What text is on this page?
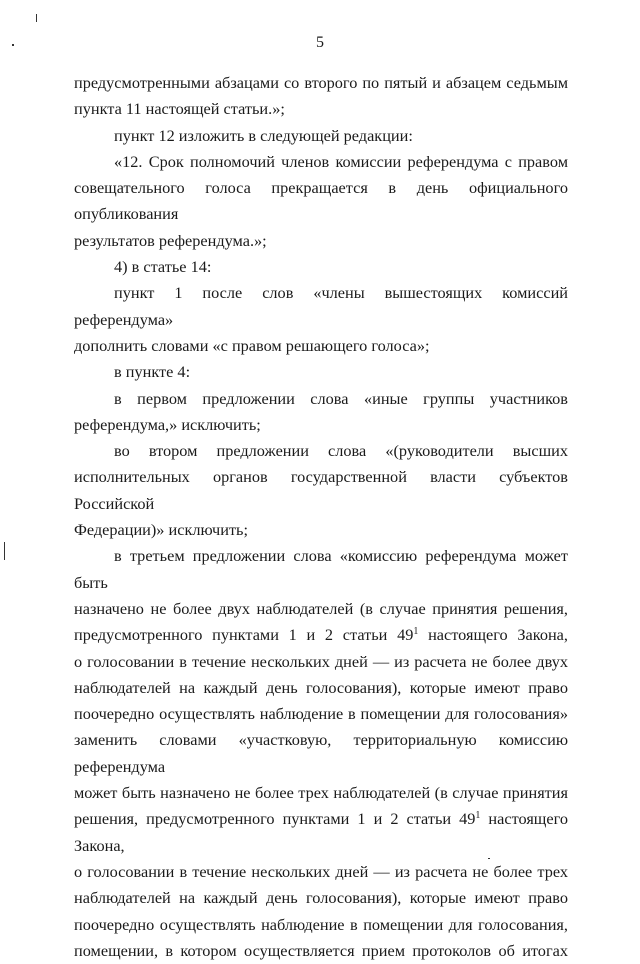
5
предусмотренными абзацами со второго по пятый и абзацем седьмым
пункта 11 настоящей статьи.»;
пункт 12 изложить в следующей редакции:
«12. Срок полномочий членов комиссии референдума с правом
совещательного голоса прекращается в день официального опубликования
результатов референдума.»;
4) в статье 14:
пункт 1 после слов «члены вышестоящих комиссий референдума»
дополнить словами «с правом решающего голоса»;
в пункте 4:
в первом предложении слова «иные группы участников
референдума,» исключить;
во втором предложении слова «(руководители высших
исполнительных органов государственной власти субъектов Российской
Федерации)» исключить;
в третьем предложении слова «комиссию референдума может быть
назначено не более двух наблюдателей (в случае принятия решения,
предусмотренного пунктами 1 и 2 статьи $49^1$ настоящего Закона,
о голосовании в течение нескольких дней — из расчета не более двух
наблюдателей на каждый день голосования), которые имеют право
поочередно осуществлять наблюдение в помещении для голосования»
заменить словами «участковую, территориальную комиссию референдума
может быть назначено не более трех наблюдателей (в случае принятия
решения, предусмотренного пунктами 1 и 2 статьи $49^1$ настоящего Закона,
о голосовании в течение нескольких дней — из расчета не более трех
наблюдателей на каждый день голосования), которые имеют право
поочередно осуществлять наблюдение в помещении для голосования,
помещении, в котором осуществляется прием протоколов об итогах
